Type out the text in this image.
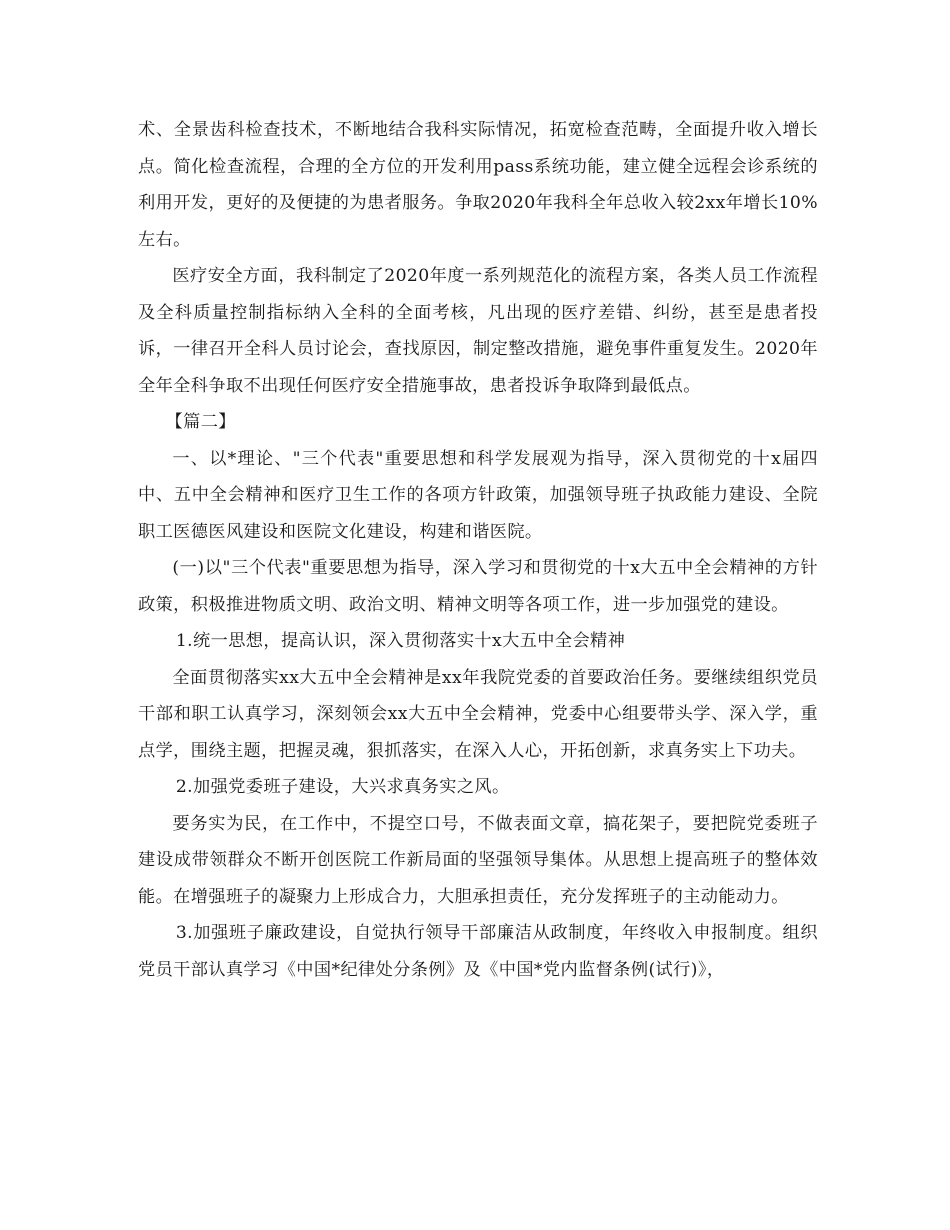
术、全景齿科检查技术，不断地结合我科实际情况，拓宽检查范畴，全面提升收入增长点。简化检查流程，合理的全方位的开发利用pass系统功能，建立健全远程会诊系统的利用开发，更好的及便捷的为患者服务。争取2020年我科全年总收入较2xx年增长10%左右。

医疗安全方面，我科制定了2020年度一系列规范化的流程方案，各类人员工作流程及全科质量控制指标纳入全科的全面考核，凡出现的医疗差错、纠纷，甚至是患者投诉，一律召开全科人员讨论会，查找原因，制定整改措施，避免事件重复发生。2020年全年全科争取不出现任何医疗安全措施事故，患者投诉争取降到最低点。

【篇二】

一、以*理论、"三个代表"重要思想和科学发展观为指导，深入贯彻党的十x届四中、五中全会精神和医疗卫生工作的各项方针政策，加强领导班子执政能力建设、全院职工医德医风建设和医院文化建设，构建和谐医院。

(一)以"三个代表"重要思想为指导，深入学习和贯彻党的十x大五中全会精神的方针政策，积极推进物质文明、政治文明、精神文明等各项工作，进一步加强党的建设。

1.统一思想，提高认识，深入贯彻落实十x大五中全会精神

全面贯彻落实xx大五中全会精神是xx年我院党委的首要政治任务。要继续组织党员干部和职工认真学习，深刻领会xx大五中全会精神，党委中心组要带头学、深入学，重点学，围绕主题，把握灵魂，狠抓落实，在深入人心，开拓创新，求真务实上下功夫。

2.加强党委班子建设，大兴求真务实之风。

要务实为民，在工作中，不提空口号，不做表面文章，搞花架子，要把院党委班子建设成带领群众不断开创医院工作新局面的坚强领导集体。从思想上提高班子的整体效能。在增强班子的凝聚力上形成合力，大胆承担责任，充分发挥班子的主动能动力。

3.加强班子廉政建设，自觉执行领导干部廉洁从政制度，年终收入申报制度。组织党员干部认真学习《中国*纪律处分条例》及《中国*党内监督条例(试行)》，
